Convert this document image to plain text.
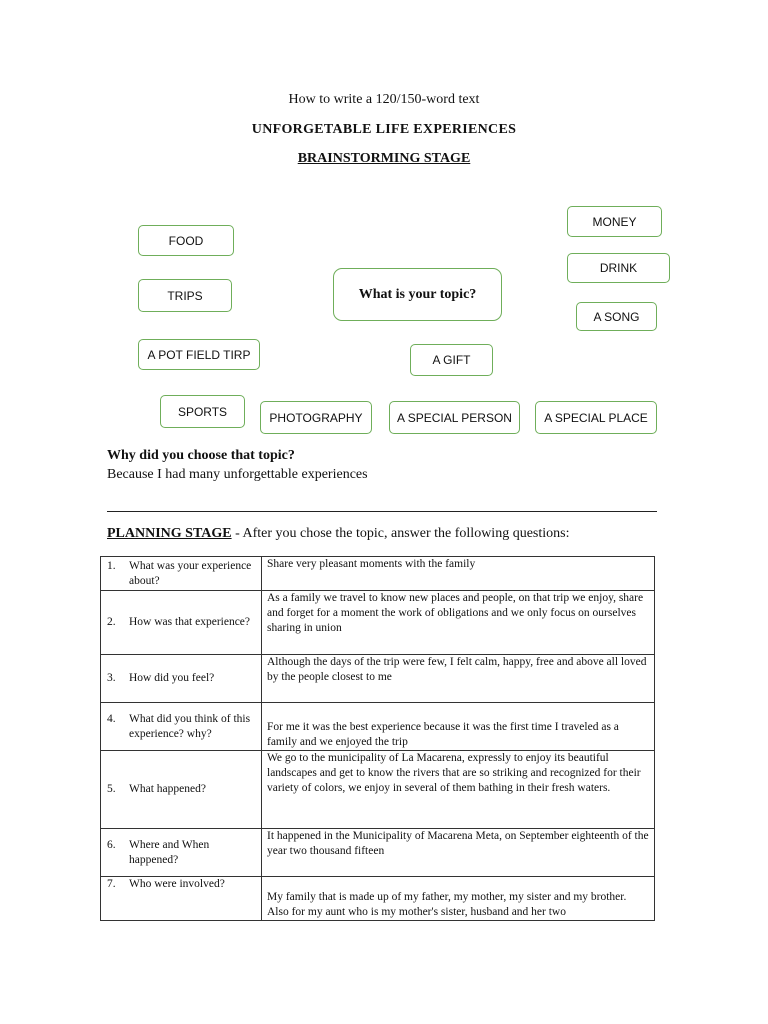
How to write a 120/150-word text
UNFORGETABLE LIFE EXPERIENCES
BRAINSTORMING STAGE
FOOD
TRIPS
A POT FIELD TIRP
SPORTS	PHOTOGRAPHY	A SPECIAL PERSON	A SPECIAL PLACE
A GIFT
What is your topic?
MONEY
DRINK
A SONG
Why did you choose that topic?
Because I had many unforgettable experiences
PLANNING STAGE - After you chose the topic, answer the following questions:
1. What was your experience about?	Share very pleasant moments with the family

2. How was that experience?	As a family we travel to know new places and people, on that trip we enjoy, share and forget for a moment the work of obligations and we only focus on ourselves sharing in union

3. How did you feel?	Although the days of the trip were few, I felt calm, happy, free and above all loved by the people closest to me

4. What did you think of this experience? why?	For me it was the best experience because it was the first time I traveled as a family and we enjoyed the trip

5. What happened?	We go to the municipality of La Macarena, expressly to enjoy its beautiful landscapes and get to know the rivers that are so striking and recognized for their variety of colors, we enjoy in several of them bathing in their fresh waters.

6. Where and When happened?	It happened in the Municipality of Macarena Meta, on September eighteenth of the year two thousand fifteen

7. Who were involved?	My family that is made up of my father, my mother, my sister and my brother. Also for my aunt who is my mother's sister, husband and her two
